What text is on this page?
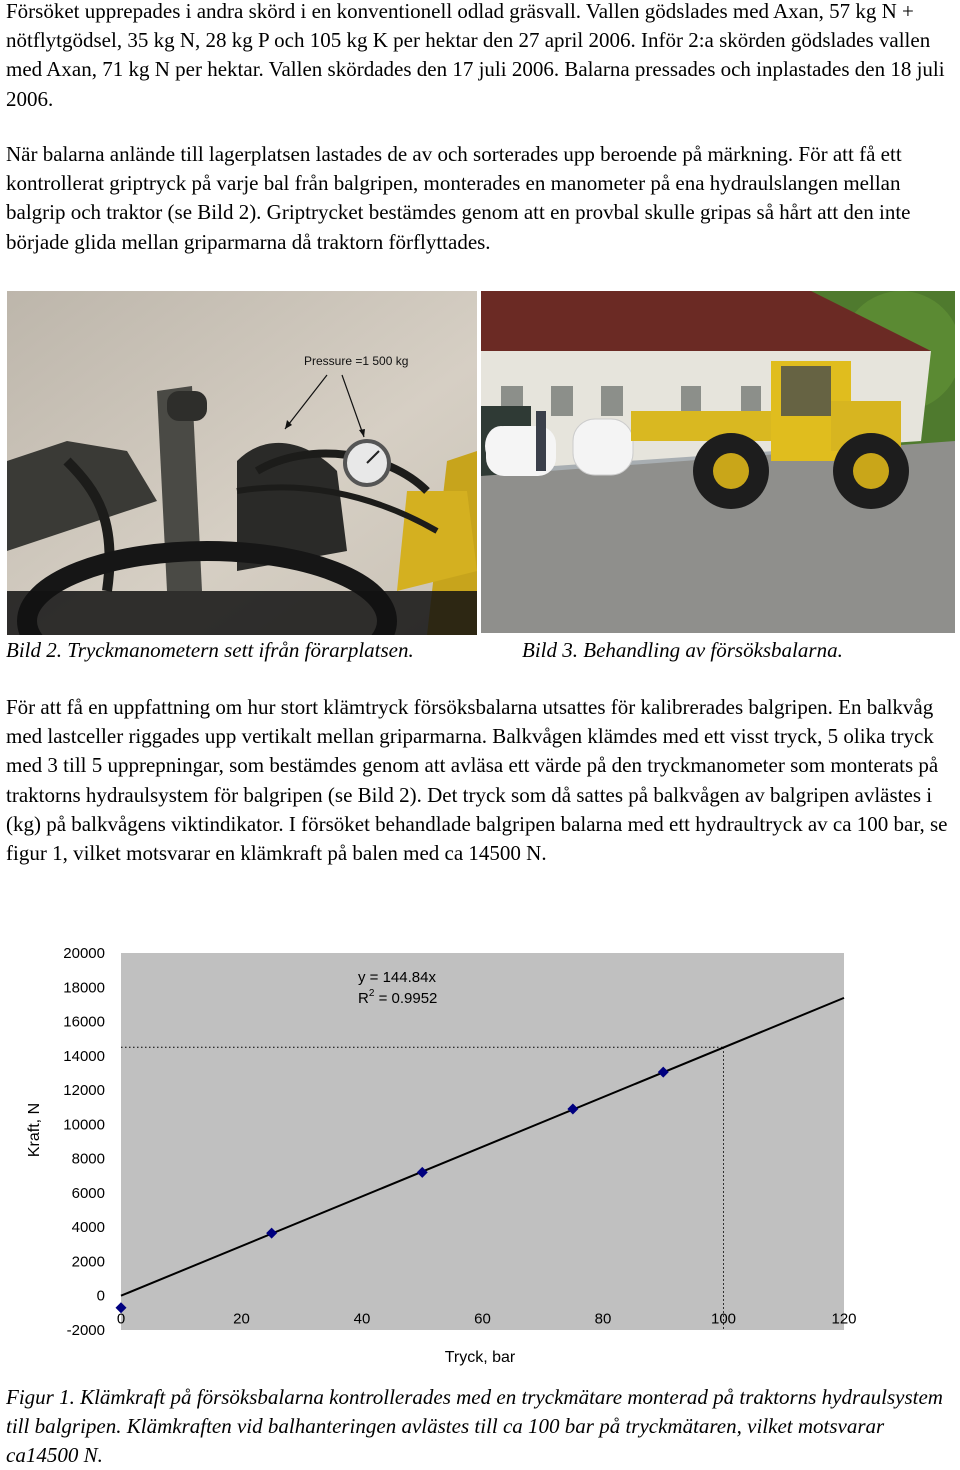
Försöket upprepades i andra skörd i en konventionell odlad gräsvall. Vallen gödslades med Axan, 57 kg N + nötflytgödsel, 35 kg N, 28 kg P och 105 kg K per hektar den 27 april 2006. Inför 2:a skörden gödslades vallen med Axan, 71 kg N per hektar. Vallen skördades den 17 juli 2006. Balarna pressades och inplastades den 18 juli 2006.
När balarna anlände till lagerplatsen lastades de av och sorterades upp beroende på märkning. För att få ett kontrollerat griptryck på varje bal från balgripen, monterades en manometer på ena hydraulslangen mellan balgrip och traktor (se Bild 2). Griptrycket bestämdes genom att en provbal skulle gripas så hårt att den inte började glida mellan griparmarna då traktorn förflyttades.
Pressure =1 500 kg
Bild 2. Tryckmanometern sett ifrån förarplatsen.	Bild 3. Behandling av försöksbalarna.
För att få en uppfattning om hur stort klämtryck försöksbalarna utsattes för kalibrerades balgripen. En balkvåg med lastceller riggades upp vertikalt mellan griparmarna. Balkvågen klämdes med ett visst tryck, 5 olika tryck med 3 till 5 upprepningar, som bestämdes genom att avläsa ett värde på den tryckmanometer som monterats på traktorns hydraulsystem för balgripen (se Bild 2). Det tryck som då sattes på balkvågen av balgripen avlästes i (kg) på balkvågens viktindikator. I försöket behandlade balgripen balarna med ett hydraultryck av ca 100 bar, se figur 1, vilket motsvarar en klämkraft på balen med ca 14500 N.
-2000
0
2000
4000
6000
8000
10000
12000
14000
16000
18000
20000
0	20	40	60	80	100	120
y = 144.84x
$R^2 = 0.9952$
Tryck, bar
Kraft, N
Figur 1. Klämkraft på försöksbalarna kontrollerades med en tryckmätare monterad på traktorns hydraulsystem till balgripen. Klämkraften vid balhanteringen avlästes till ca 100 bar på tryckmätaren, vilket motsvarar ca14500 N.
